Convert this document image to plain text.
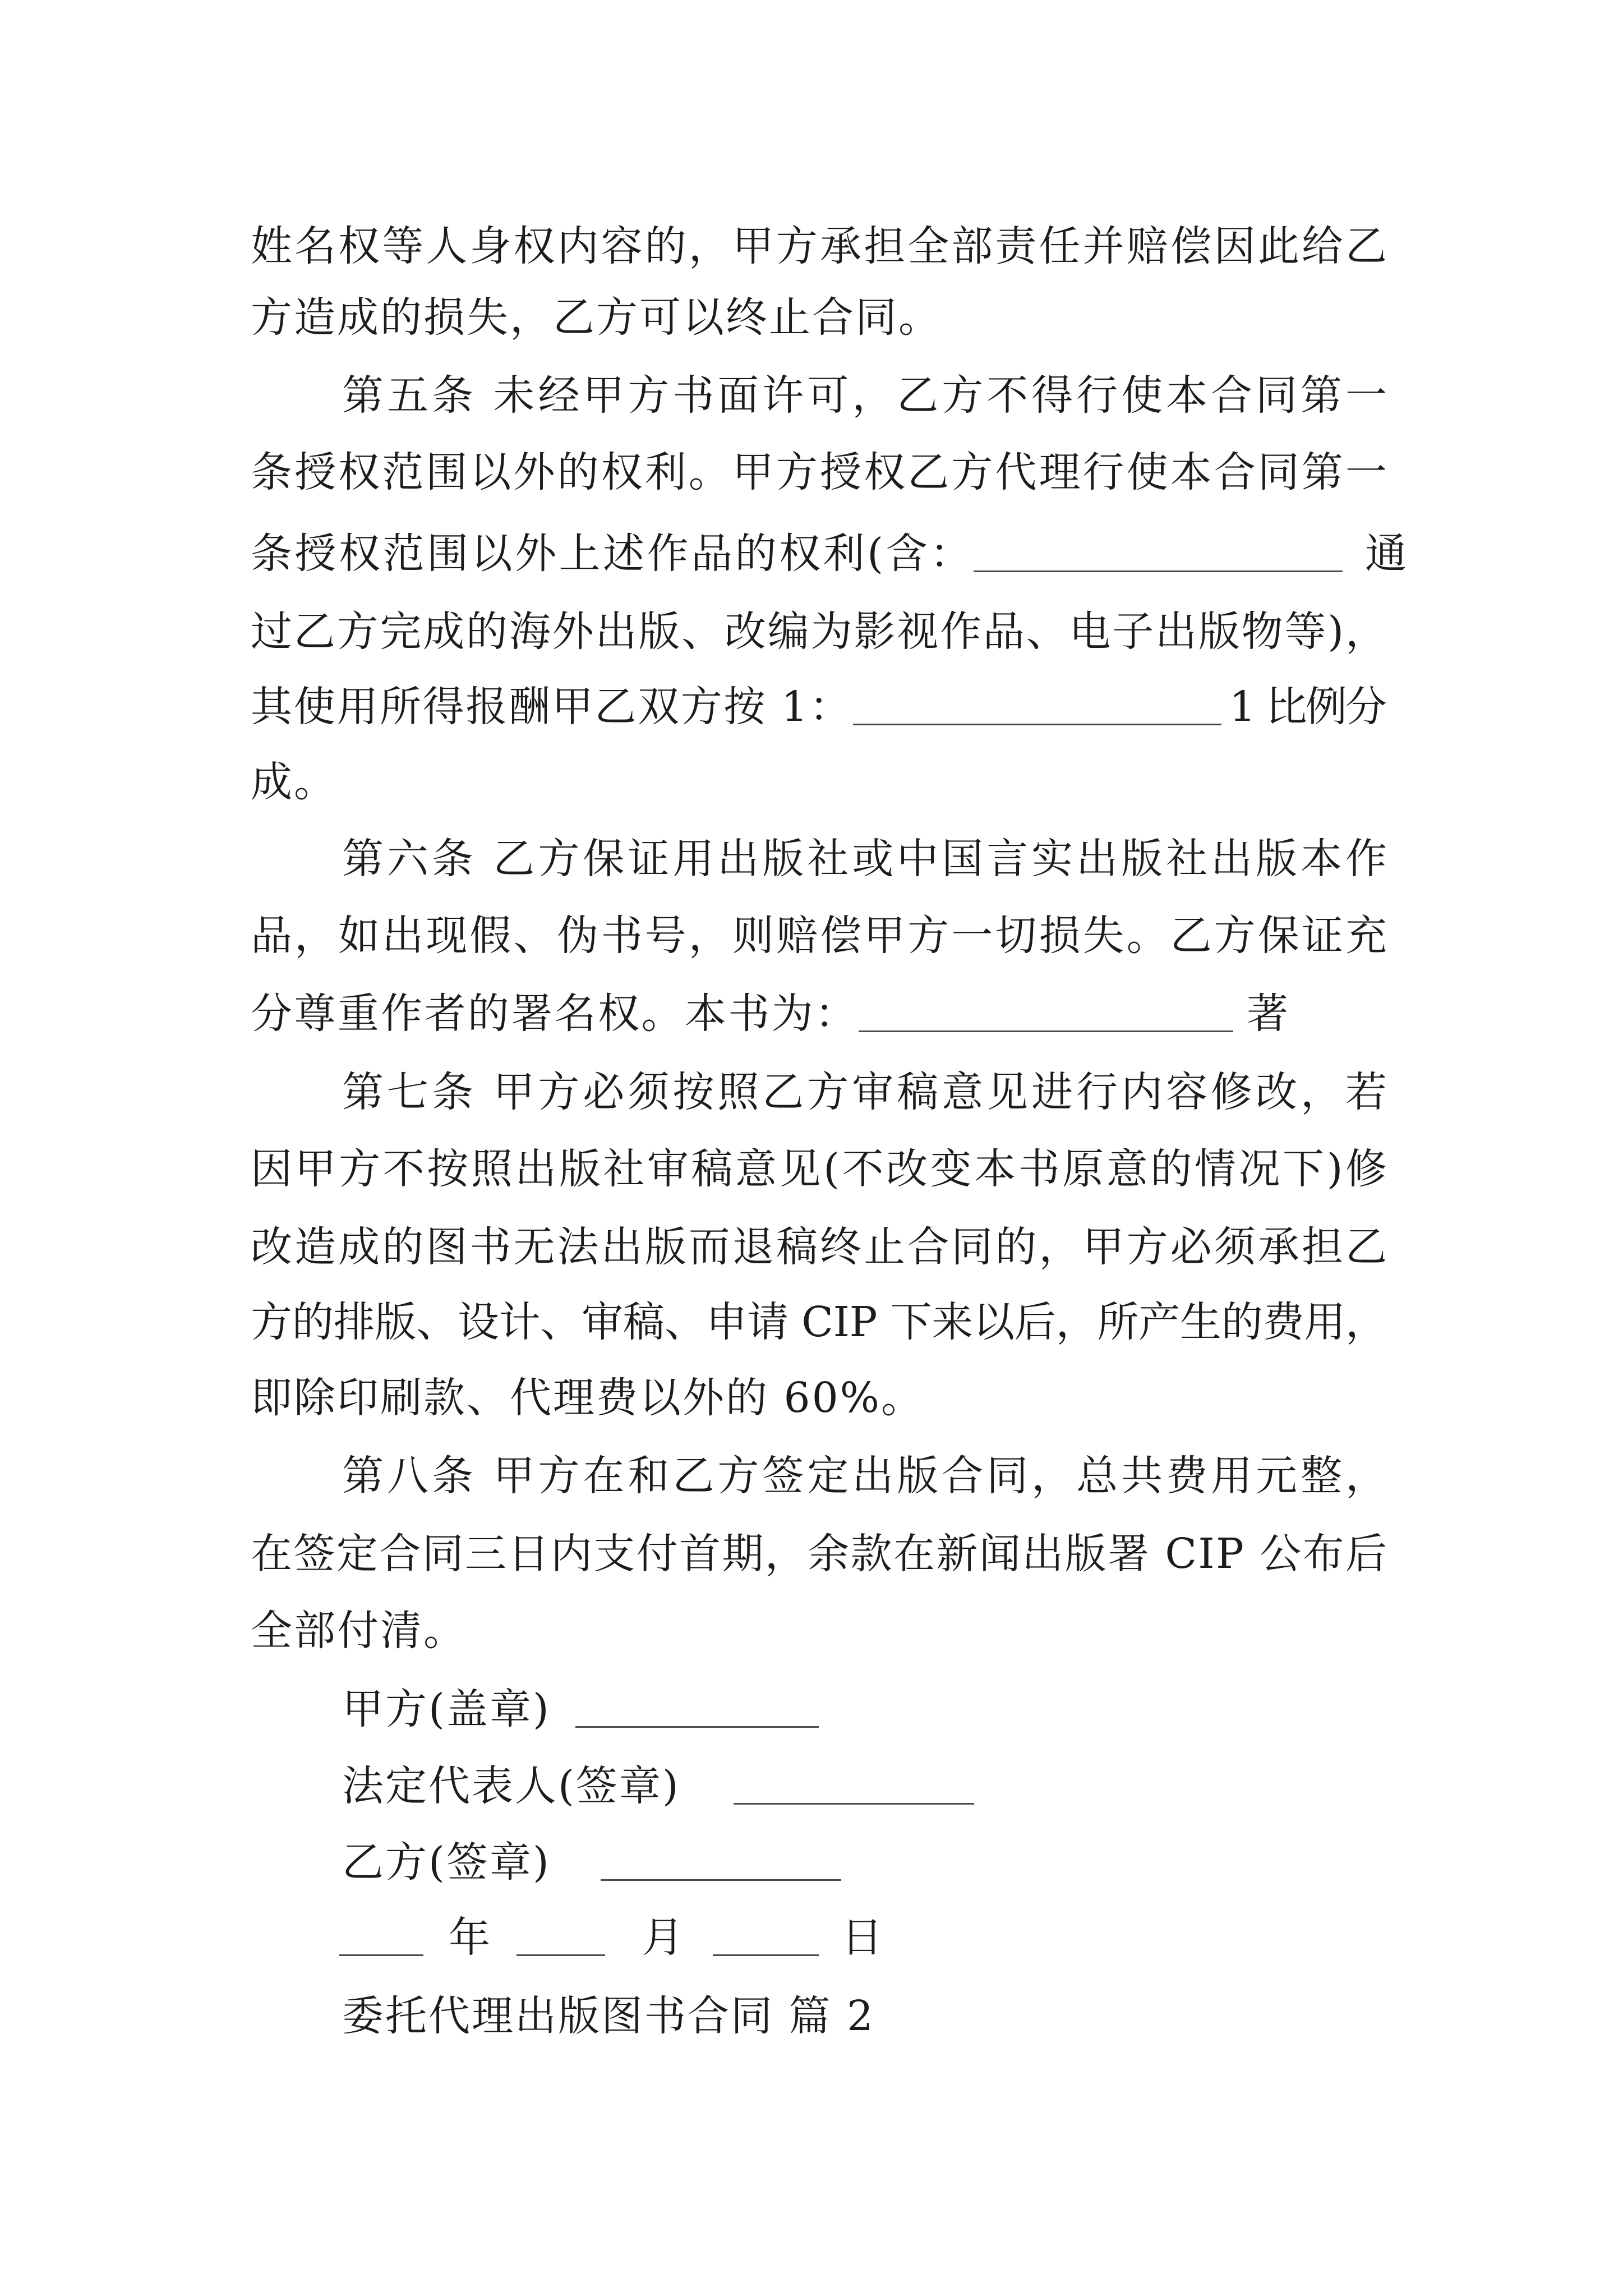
姓名权等人身权内容的，甲方承担全部责任并赔偿因此给乙
方造成的损失，乙方可以终止合同。
第五条 未经甲方书面许可，乙方不得行使本合同第一
条授权范围以外的权利。甲方授权乙方代理行使本合同第一
条授权范围以外上述作品的权利(含：	通
过乙方完成的海外出版、改编为影视作品、电子出版物等)，
其使用所得报酬甲乙双方按 1：	1 比例分
成。
第六条 乙方保证用出版社或中国言实出版社出版本作
品，如出现假、伪书号，则赔偿甲方一切损失。乙方保证充
分尊重作者的署名权。本书为：	著
第七条 甲方必须按照乙方审稿意见进行内容修改，若
因甲方不按照出版社审稿意见(不改变本书原意的情况下)修
改造成的图书无法出版而退稿终止合同的，甲方必须承担乙
方的排版、设计、审稿、申请 CIP 下来以后，所产生的费用，
即除印刷款、代理费以外的 60%。
第八条 甲方在和乙方签定出版合同，总共费用元整，
在签定合同三日内支付首期，余款在新闻出版署 CIP 公布后
全部付清。
甲方(盖章)
法定代表人(签章)
乙方(签章)
年	月	日
委托代理出版图书合同 篇 2
